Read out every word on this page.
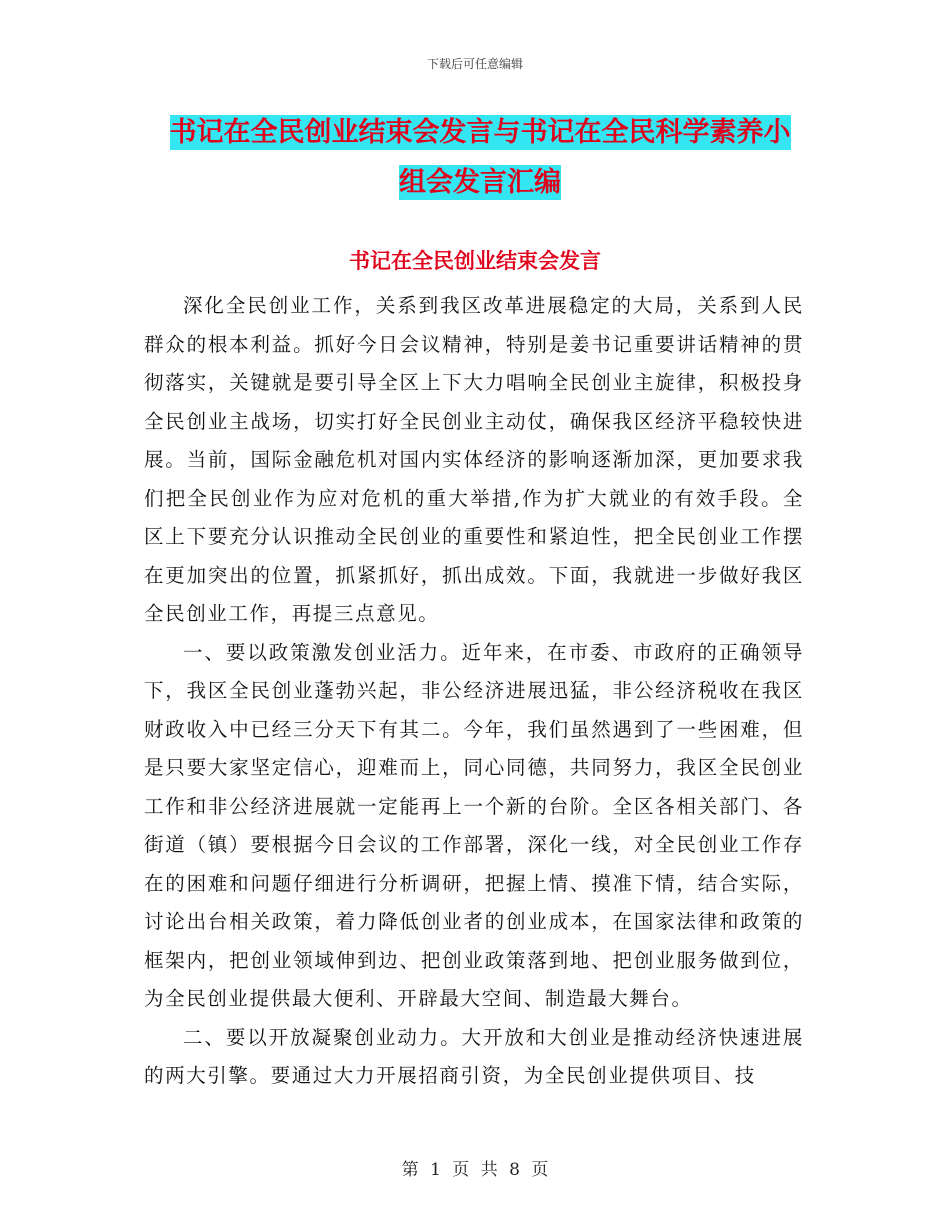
下载后可任意编辑
书记在全民创业结束会发言与书记在全民科学素养小
组会发言汇编
书记在全民创业结束会发言

深化全民创业工作，关系到我区改革进展稳定的大局，关系到人民群众的根本利益。抓好今日会议精神，特别是姜书记重要讲话精神的贯彻落实，关键就是要引导全区上下大力唱响全民创业主旋律，积极投身全民创业主战场，切实打好全民创业主动仗，确保我区经济平稳较快进展。当前，国际金融危机对国内实体经济的影响逐渐加深，更加要求我们把全民创业作为应对危机的重大举措,作为扩大就业的有效手段。全区上下要充分认识推动全民创业的重要性和紧迫性，把全民创业工作摆在更加突出的位置，抓紧抓好，抓出成效。下面，我就进一步做好我区全民创业工作，再提三点意见。

一、要以政策激发创业活力。近年来，在市委、市政府的正确领导下，我区全民创业蓬勃兴起，非公经济进展迅猛，非公经济税收在我区财政收入中已经三分天下有其二。今年，我们虽然遇到了一些困难，但是只要大家坚定信心，迎难而上，同心同德，共同努力，我区全民创业工作和非公经济进展就一定能再上一个新的台阶。全区各相关部门、各街道（镇）要根据今日会议的工作部署，深化一线，对全民创业工作存在的困难和问题仔细进行分析调研，把握上情、摸准下情，结合实际，讨论出台相关政策，着力降低创业者的创业成本，在国家法律和政策的框架内，把创业领域伸到边、把创业政策落到地、把创业服务做到位，为全民创业提供最大便利、开辟最大空间、制造最大舞台。

二、要以开放凝聚创业动力。大开放和大创业是推动经济快速进展的两大引擎。要通过大力开展招商引资，为全民创业提供项目、技

第 1 页 共 8 页
